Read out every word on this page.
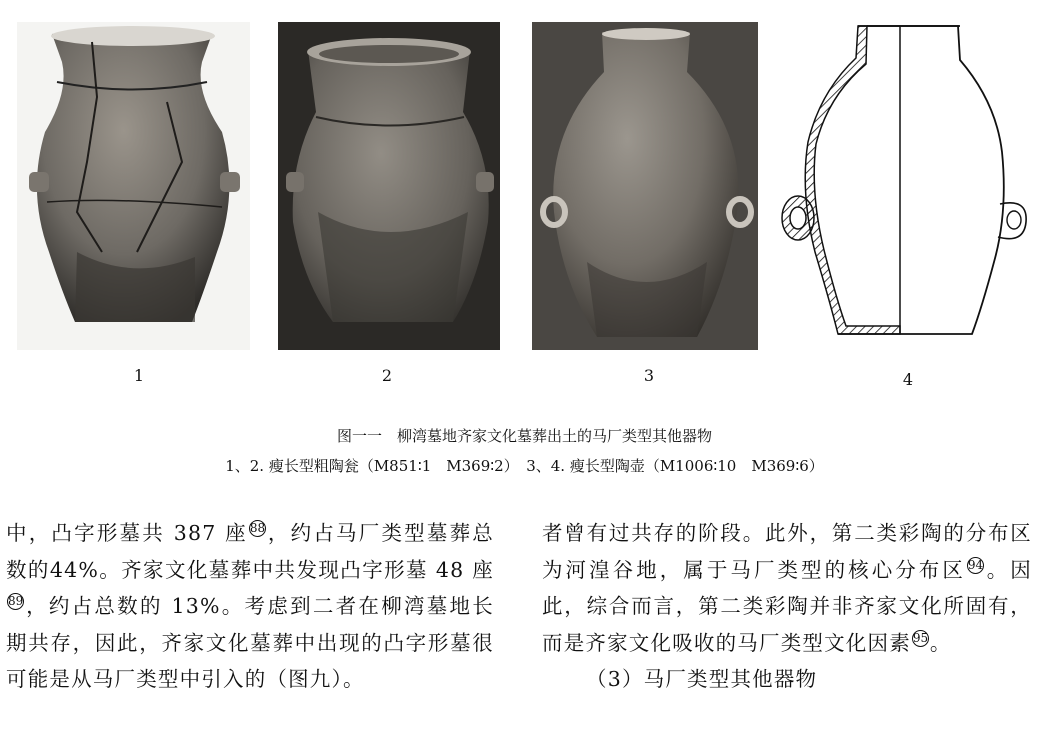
1	2	3	4
图一一　柳湾墓地齐家文化墓葬出土的马厂类型其他器物
1、2. 瘦长型粗陶瓮（M851∶1　M369∶2）　3、4. 瘦长型陶壶（M1006∶10　M369∶6）

中，凸字形墓共 387 座 $^{88}$，约占马厂类型墓葬总数的44%。齐家文化墓葬中共发现凸字形墓 48 座$^{89}$，约占总数的 13%。考虑到二者在柳湾墓地长期共存，因此，齐家文化墓葬中出现的凸字形墓很可能是从马厂类型中引入的（图九）。

者曾有过共存的阶段。此外，第二类彩陶的分布区为河湟谷地，属于马厂类型的核心分布区 $^{94}$。因此，综合而言，第二类彩陶并非齐家文化所固有，而是齐家文化吸收的马厂类型文化因素 $^{95}$。

（3）马厂类型其他器物
